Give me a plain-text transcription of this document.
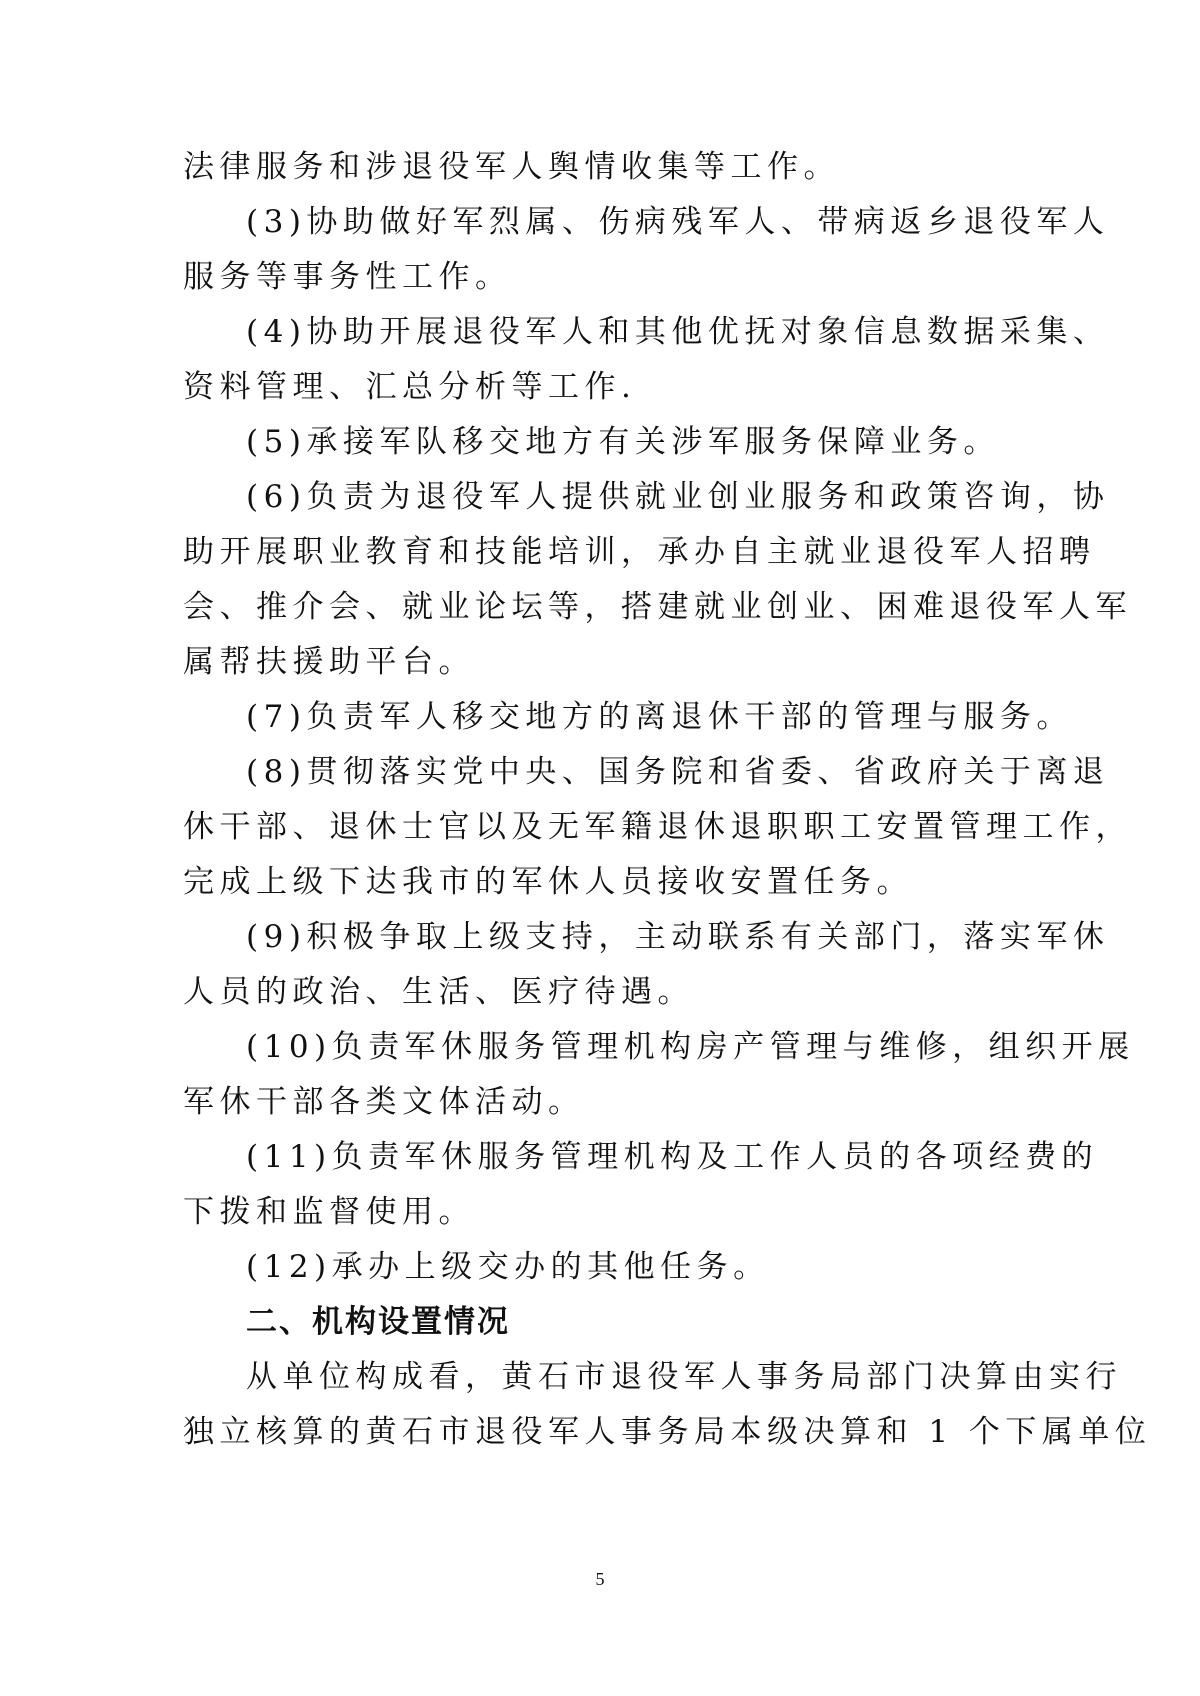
法律服务和涉退役军人舆情收集等工作。
(3)协助做好军烈属、伤病残军人、带病返乡退役军人
服务等事务性工作。
(4)协助开展退役军人和其他优抚对象信息数据采集、
资料管理、汇总分析等工作.
(5)承接军队移交地方有关涉军服务保障业务。
(6)负责为退役军人提供就业创业服务和政策咨询，协
助开展职业教育和技能培训，承办自主就业退役军人招聘
会、推介会、就业论坛等，搭建就业创业、困难退役军人军
属帮扶援助平台。
(7)负责军人移交地方的离退休干部的管理与服务。
(8)贯彻落实党中央、国务院和省委、省政府关于离退
休干部、退休士官以及无军籍退休退职职工安置管理工作，
完成上级下达我市的军休人员接收安置任务。
(9)积极争取上级支持，主动联系有关部门，落实军休
人员的政治、生活、医疗待遇。
(10)负责军休服务管理机构房产管理与维修，组织开展
军休干部各类文体活动。
(11)负责军休服务管理机构及工作人员的各项经费的
下拨和监督使用。
(12)承办上级交办的其他任务。
二、机构设置情况
从单位构成看，黄石市退役军人事务局部门决算由实行
独立核算的黄石市退役军人事务局本级决算和 1 个下属单位
5
